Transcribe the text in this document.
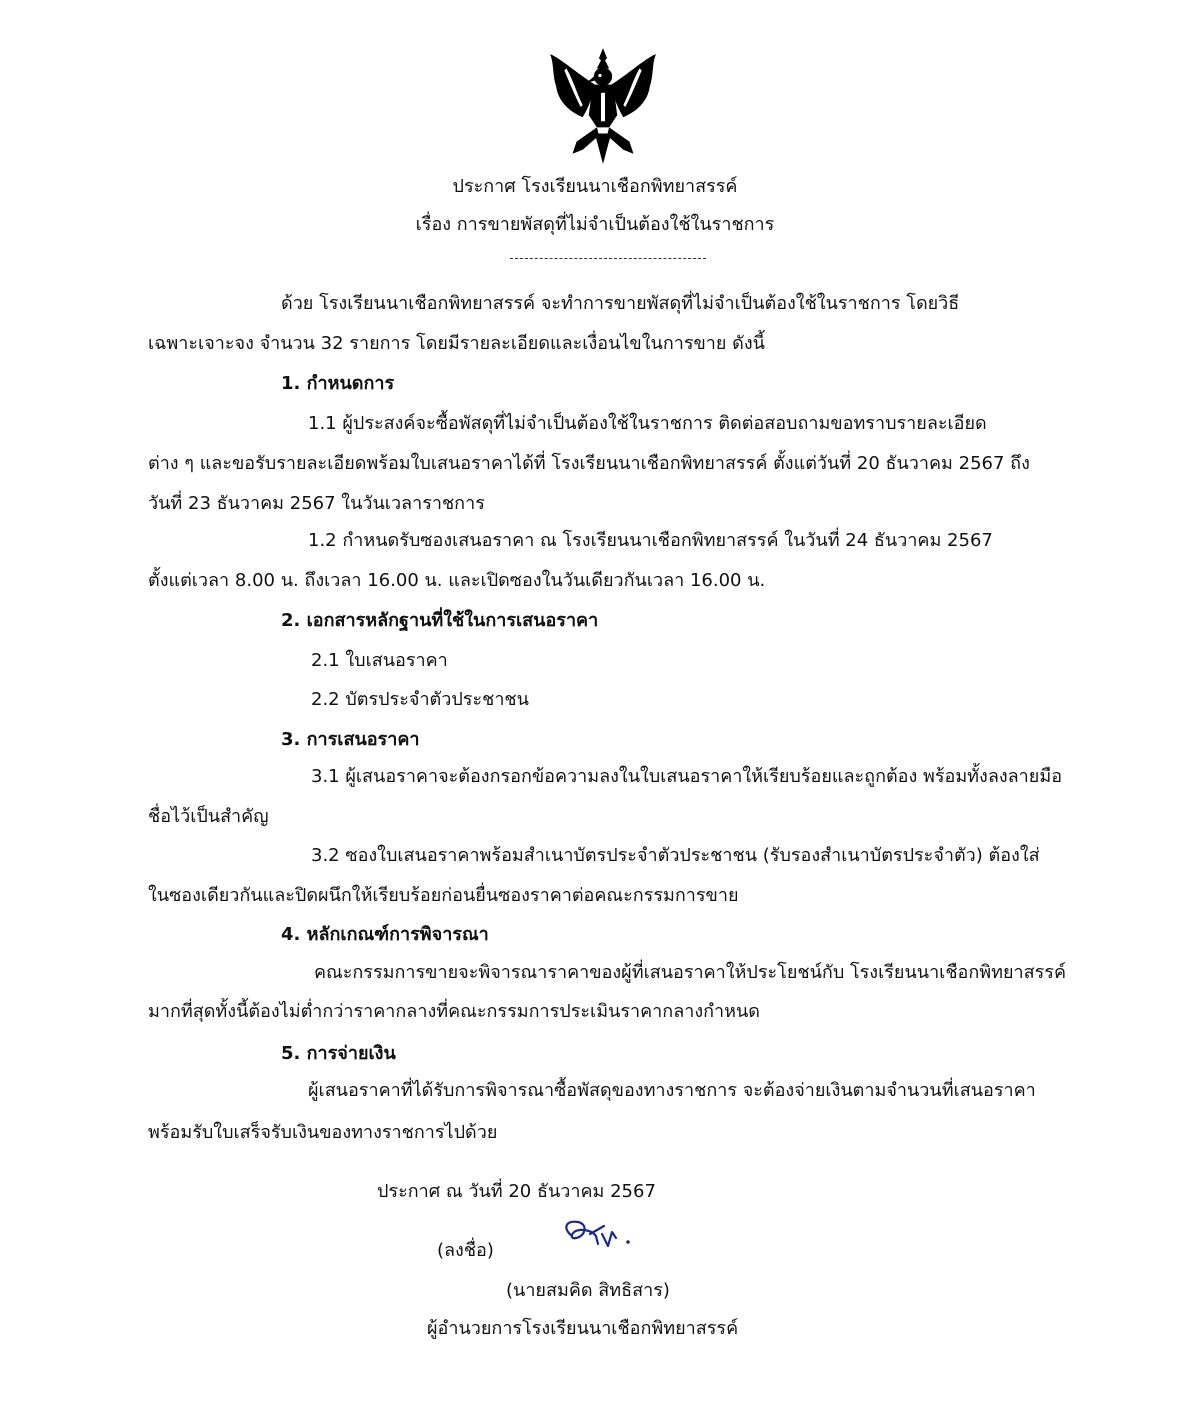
ประกาศ โรงเรียนนาเชือกพิทยาสรรค์
เรื่อง การขายพัสดุที่ไม่จำเป็นต้องใช้ในราชการ
ด้วย โรงเรียนนาเชือกพิทยาสรรค์ จะทำการขายพัสดุที่ไม่จำเป็นต้องใช้ในราชการ โดยวิธี
เฉพาะเจาะจง จำนวน 32 รายการ โดยมีรายละเอียดและเงื่อนไขในการขาย ดังนี้
1. กำหนดการ
1.1 ผู้ประสงค์จะซื้อพัสดุที่ไม่จำเป็นต้องใช้ในราชการ ติดต่อสอบถามขอทราบรายละเอียด
ต่าง ๆ และขอรับรายละเอียดพร้อมใบเสนอราคาได้ที่ โรงเรียนนาเชือกพิทยาสรรค์ ตั้งแต่วันที่ 20 ธันวาคม 2567 ถึง
วันที่ 23 ธันวาคม 2567 ในวันเวลาราชการ
1.2 กำหนดรับซองเสนอราคา ณ โรงเรียนนาเชือกพิทยาสรรค์ ในวันที่ 24 ธันวาคม 2567
ตั้งแต่เวลา 8.00 น. ถึงเวลา 16.00 น. และเปิดซองในวันเดียวกันเวลา 16.00 น.
2. เอกสารหลักฐานที่ใช้ในการเสนอราคา
2.1 ใบเสนอราคา
2.2 บัตรประจำตัวประชาชน
3. การเสนอราคา
3.1 ผู้เสนอราคาจะต้องกรอกข้อความลงในใบเสนอราคาให้เรียบร้อยและถูกต้อง พร้อมทั้งลงลายมือ
ชื่อไว้เป็นสำคัญ
3.2 ซองใบเสนอราคาพร้อมสำเนาบัตรประจำตัวประชาชน (รับรองสำเนาบัตรประจำตัว) ต้องใส่
ในซองเดียวกันและปิดผนึกให้เรียบร้อยก่อนยื่นซองราคาต่อคณะกรรมการขาย
4. หลักเกณฑ์การพิจารณา
คณะกรรมการขายจะพิจารณาราคาของผู้ที่เสนอราคาให้ประโยชน์กับ โรงเรียนนาเชือกพิทยาสรรค์
มากที่สุดทั้งนี้ต้องไม่ต่ำกว่าราคากลางที่คณะกรรมการประเมินราคากลางกำหนด
5. การจ่ายเงิน
ผู้เสนอราคาที่ได้รับการพิจารณาซื้อพัสดุของทางราชการ จะต้องจ่ายเงินตามจำนวนที่เสนอราคา
พร้อมรับใบเสร็จรับเงินของทางราชการไปด้วย
ประกาศ ณ วันที่ 20 ธันวาคม 2567
(ลงชื่อ)
(นายสมคิด สิทธิสาร)
ผู้อำนวยการโรงเรียนนาเชือกพิทยาสรรค์
